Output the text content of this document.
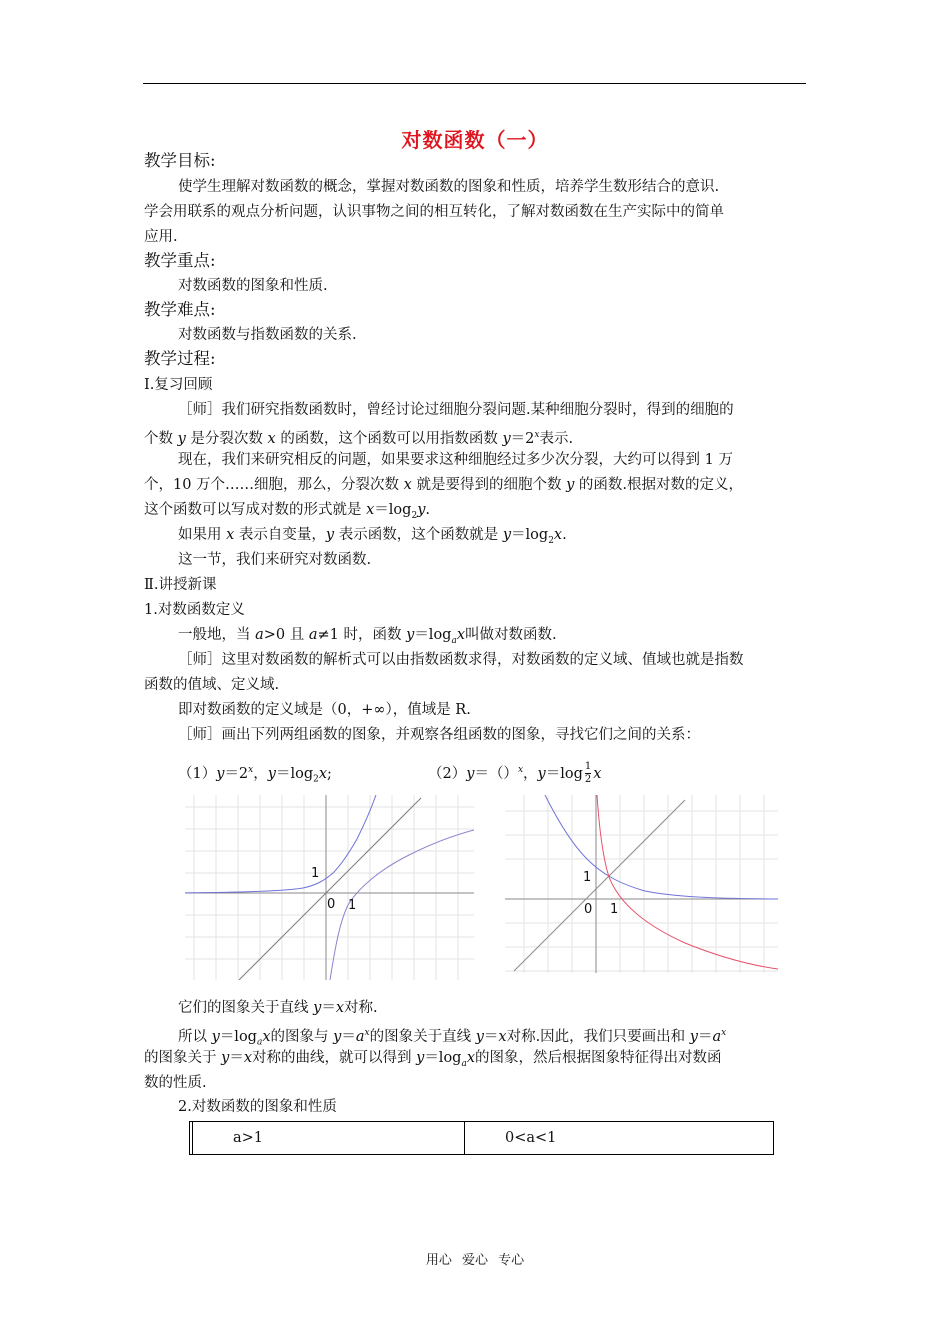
对数函数（一）
教学目标:
使学生理解对数函数的概念，掌握对数函数的图象和性质，培养学生数形结合的意识.
学会用联系的观点分析问题，认识事物之间的相互转化，了解对数函数在生产实际中的简单
应用.
教学重点:
对数函数的图象和性质.
教学难点:
对数函数与指数函数的关系.
教学过程:
Ⅰ.复习回顾
［师］我们研究指数函数时，曾经讨论过细胞分裂问题.某种细胞分裂时，得到的细胞的
个数 y 是分裂次数 x 的函数，这个函数可以用指数函数 $y=2^x$表示.
现在，我们来研究相反的问题，如果要求这种细胞经过多少次分裂，大约可以得到 1 万
个，10 万个……细胞，那么，分裂次数 x 就是要得到的细胞个数 y 的函数.根据对数的定义，
这个函数可以写成对数的形式就是 $x=\log_2y$.
如果用 x 表示自变量，y 表示函数，这个函数就是 $y=\log_2x$.
这一节，我们来研究对数函数.
Ⅱ.讲授新课
1.对数函数定义
一般地，当 a>0 且 a≠1 时，函数 $y=\log_ax$叫做对数函数.
［师］这里对数函数的解析式可以由指数函数求得，对数函数的定义域、值域也就是指数
函数的值域、定义域.
即对数函数的定义域是（0，+∞），值域是 R.
［师］画出下列两组函数的图象，并观察各组函数的图象，寻找它们之间的关系：
$(1)y=2^x$，$y=\log_2x$;	（2）y＝（）$^x$，$y=\log \frac{1}{2}$ x
1
0 1
1
0 1
它们的图象关于直线 y＝x对称.
所以 $y=\log_ax$的图象与 $y=a^x$的图象关于直线 y＝x对称.因此，我们只要画出和 $y=a^x$
的图象关于 y＝x对称的曲线，就可以得到 $y=\log_ax$的图象，然后根据图象特征得出对数函
数的性质.
2.对数函数的图象和性质
	a>1	0<a<1
用心 爱心 专心
